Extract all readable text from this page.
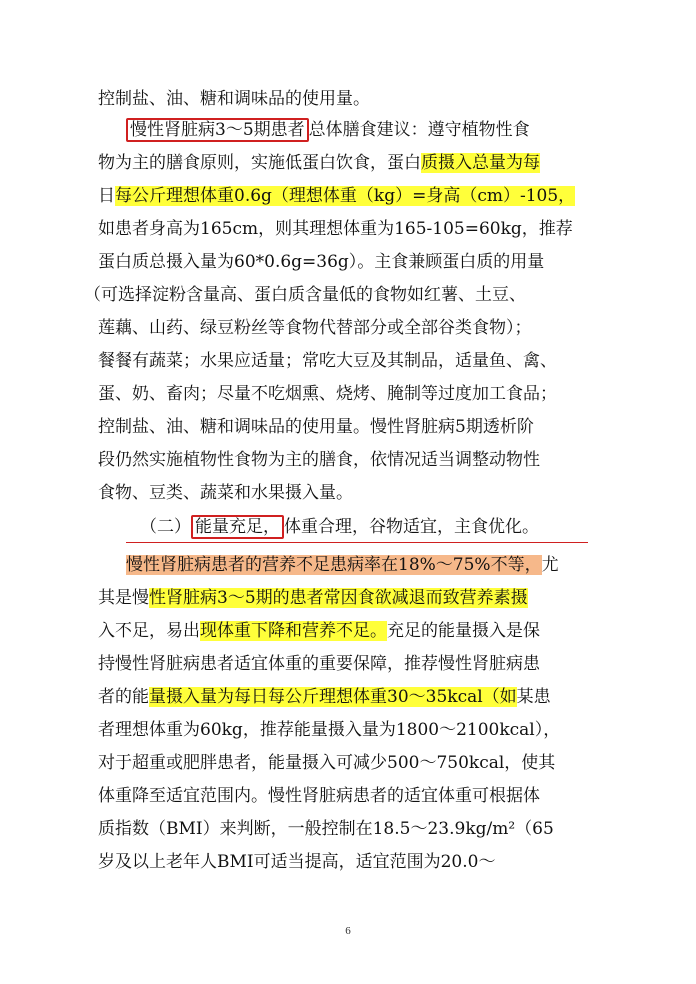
控制盐、油、糖和调味品的使用量。
慢性肾脏病3～5期患者 总体膳食建议：遵守植物性食
物为主的膳食原则，实施低蛋白饮食，蛋白质摄入总量为每
日每公斤理想体重0.6g（理想体重（kg）=身高（cm）-105，
如患者身高为165cm，则其理想体重为165-105=60kg，推荐
蛋白质总摄入量为60*0.6g=36g）。主食兼顾蛋白质的用量
（可选择淀粉含量高、蛋白质含量低的食物如红薯、土豆、
莲藕、山药、绿豆粉丝等食物代替部分或全部谷类食物）；
餐餐有蔬菜；水果应适量；常吃大豆及其制品，适量鱼、禽、
蛋、奶、畜肉；尽量不吃烟熏、烧烤、腌制等过度加工食品；
控制盐、油、糖和调味品的使用量。慢性肾脏病5期透析阶
段仍然实施植物性食物为主的膳食，依情况适当调整动物性
食物、豆类、蔬菜和水果摄入量。
（二） 能量充足， 体重合理，谷物适宜，主食优化。
慢性肾脏病患者的营养不足患病率在18%～75%不等，尤
其是慢性肾脏病3～5期的患者常因食欲减退而致营养素摄
入不足，易出现体重下降和营养不足。充足的能量摄入是保
持慢性肾脏病患者适宜体重的重要保障，推荐慢性肾脏病患
者的能量摄入量为每日每公斤理想体重30～35kcal（如某患
者理想体重为60kg，推荐能量摄入量为1800～2100kcal），
对于超重或肥胖患者，能量摄入可减少500～750kcal，使其
体重降至适宜范围内。慢性肾脏病患者的适宜体重可根据体
质指数（BMI）来判断，一般控制在18.5～23.9kg/m²（65
岁及以上老年人BMI可适当提高，适宜范围为20.0～
6
